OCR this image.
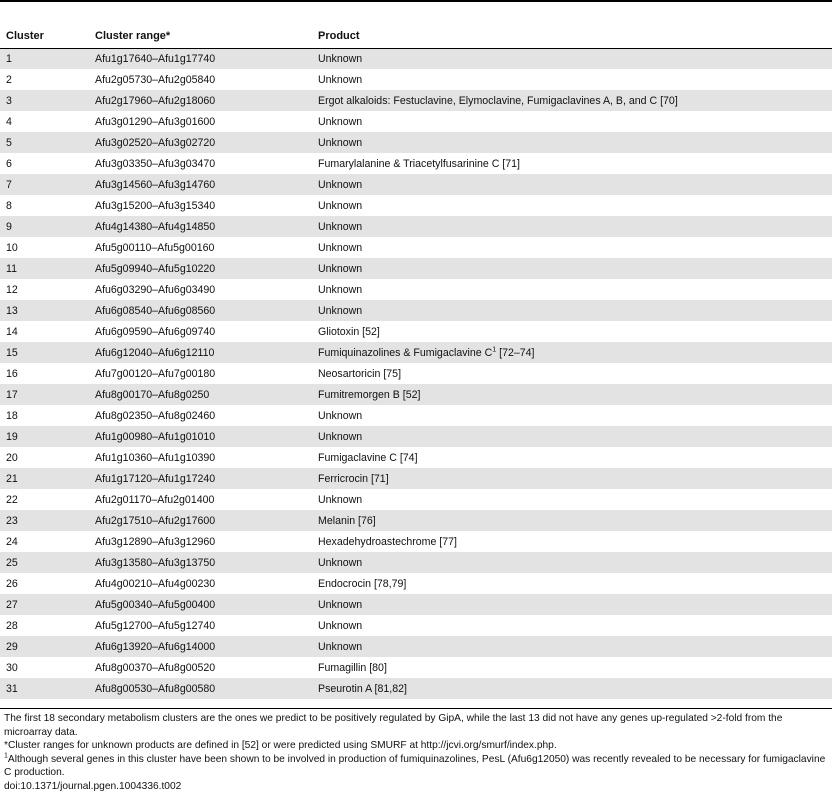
Cluster	Cluster range*	Product
1	Afu1g17640–Afu1g17740	Unknown
2	Afu2g05730–Afu2g05840	Unknown
3	Afu2g17960–Afu2g18060	Ergot alkaloids: Festuclavine, Elymoclavine, Fumigaclavines A, B, and C [70]
4	Afu3g01290–Afu3g01600	Unknown
5	Afu3g02520–Afu3g02720	Unknown
6	Afu3g03350–Afu3g03470	Fumarylalanine & Triacetylfusarinine C [71]
7	Afu3g14560–Afu3g14760	Unknown
8	Afu3g15200–Afu3g15340	Unknown
9	Afu4g14380–Afu4g14850	Unknown
10	Afu5g00110–Afu5g00160	Unknown
11	Afu5g09940–Afu5g10220	Unknown
12	Afu6g03290–Afu6g03490	Unknown
13	Afu6g08540–Afu6g08560	Unknown
14	Afu6g09590–Afu6g09740	Gliotoxin [52]
15	Afu6g12040–Afu6g12110	Fumiquinazolines & Fumigaclavine $C^1$ [72–74]
16	Afu7g00120–Afu7g00180	Neosartoricin [75]
17	Afu8g00170–Afu8g0250	Fumitremorgen B [52]
18	Afu8g02350–Afu8g02460	Unknown
19	Afu1g00980–Afu1g01010	Unknown
20	Afu1g10360–Afu1g10390	Fumigaclavine C [74]
21	Afu1g17120–Afu1g17240	Ferricrocin [71]
22	Afu2g01170–Afu2g01400	Unknown
23	Afu2g17510–Afu2g17600	Melanin [76]
24	Afu3g12890–Afu3g12960	Hexadehydroastechrome [77]
25	Afu3g13580–Afu3g13750	Unknown
26	Afu4g00210–Afu4g00230	Endocrocin [78,79]
27	Afu5g00340–Afu5g00400	Unknown
28	Afu5g12700–Afu5g12740	Unknown
29	Afu6g13920–Afu6g14000	Unknown
30	Afu8g00370–Afu8g00520	Fumagillin [80]
31	Afu8g00530–Afu8g00580	Pseurotin A [81,82]

The first 18 secondary metabolism clusters are the ones we predict to be positively regulated by GipA, while the last 13 did not have any genes up-regulated >2-fold from the microarray data.

*Cluster ranges for unknown products are defined in [52] or were predicted using SMURF at http://jcvi.org/smurf/index.php.

$^1$Although several genes in this cluster have been shown to be involved in production of fumiquinazolines, PesL (Afu6g12050) was recently revealed to be necessary for fumigaclavine C production.

doi:10.1371/journal.pgen.1004336.t002
